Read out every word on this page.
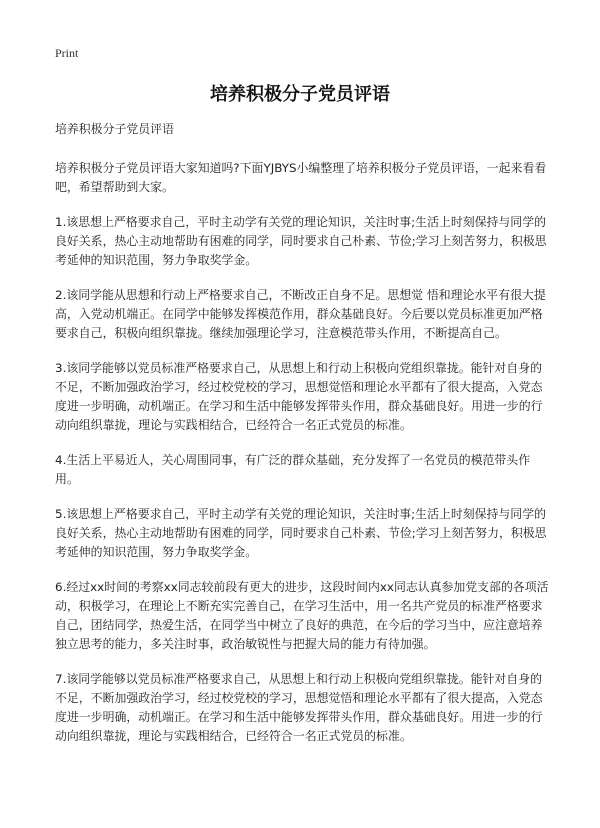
Print
培养积极分子党员评语

培养积极分子党员评语

培养积极分子党员评语大家知道吗?下面YJBYS小编整理了培养积极分子党员评语，一起来看看吧，希望帮助到大家。

1.该思想上严格要求自己，平时主动学有关党的理论知识，关注时事;生活上时刻保持与同学的良好关系，热心主动地帮助有困难的同学，同时要求自己朴素、节俭;学习上刻苦努力，积极思考延伸的知识范围，努力争取奖学金。

2.该同学能从思想和行动上严格要求自己，不断改正自身不足。思想觉 悟和理论水平有很大提高，入党动机端正。在同学中能够发挥模范作用，群众基础良好。今后要以党员标准更加严格要求自己，积极向组织靠拢。继续加强理论学习，注意模范带头作用，不断提高自己。

3.该同学能够以党员标准严格要求自己，从思想上和行动上积极向党组织靠拢。能针对自身的不足，不断加强政治学习，经过校党校的学习，思想觉悟和理论水平都有了很大提高，入党态度进一步明确，动机端正。在学习和生活中能够发挥带头作用，群众基础良好。用进一步的行动向组织靠拢，理论与实践相结合，已经符合一名正式党员的标准。

4.生活上平易近人，关心周围同事，有广泛的群众基础，充分发挥了一名党员的模范带头作用。

5.该思想上严格要求自己，平时主动学有关党的理论知识，关注时事;生活上时刻保持与同学的良好关系，热心主动地帮助有困难的同学，同时要求自己朴素、节俭;学习上刻苦努力，积极思考延伸的知识范围，努力争取奖学金。

6.经过xx时间的考察xx同志较前段有更大的进步，这段时间内xx同志认真参加党支部的各项活动，积极学习，在理论上不断充实完善自己，在学习生活中，用一名共产党员的标准严格要求自己，团结同学，热爱生活，在同学当中树立了良好的典范，在今后的学习当中，应注意培养独立思考的能力，多关注时事，政治敏锐性与把握大局的能力有待加强。

7.该同学能够以党员标准严格要求自己，从思想上和行动上积极向党组织靠拢。能针对自身的不足，不断加强政治学习，经过校党校的学习，思想觉悟和理论水平都有了很大提高，入党态度进一步明确，动机端正。在学习和生活中能够发挥带头作用，群众基础良好。用进一步的行动向组织靠拢，理论与实践相结合，已经符合一名正式党员的标准。
